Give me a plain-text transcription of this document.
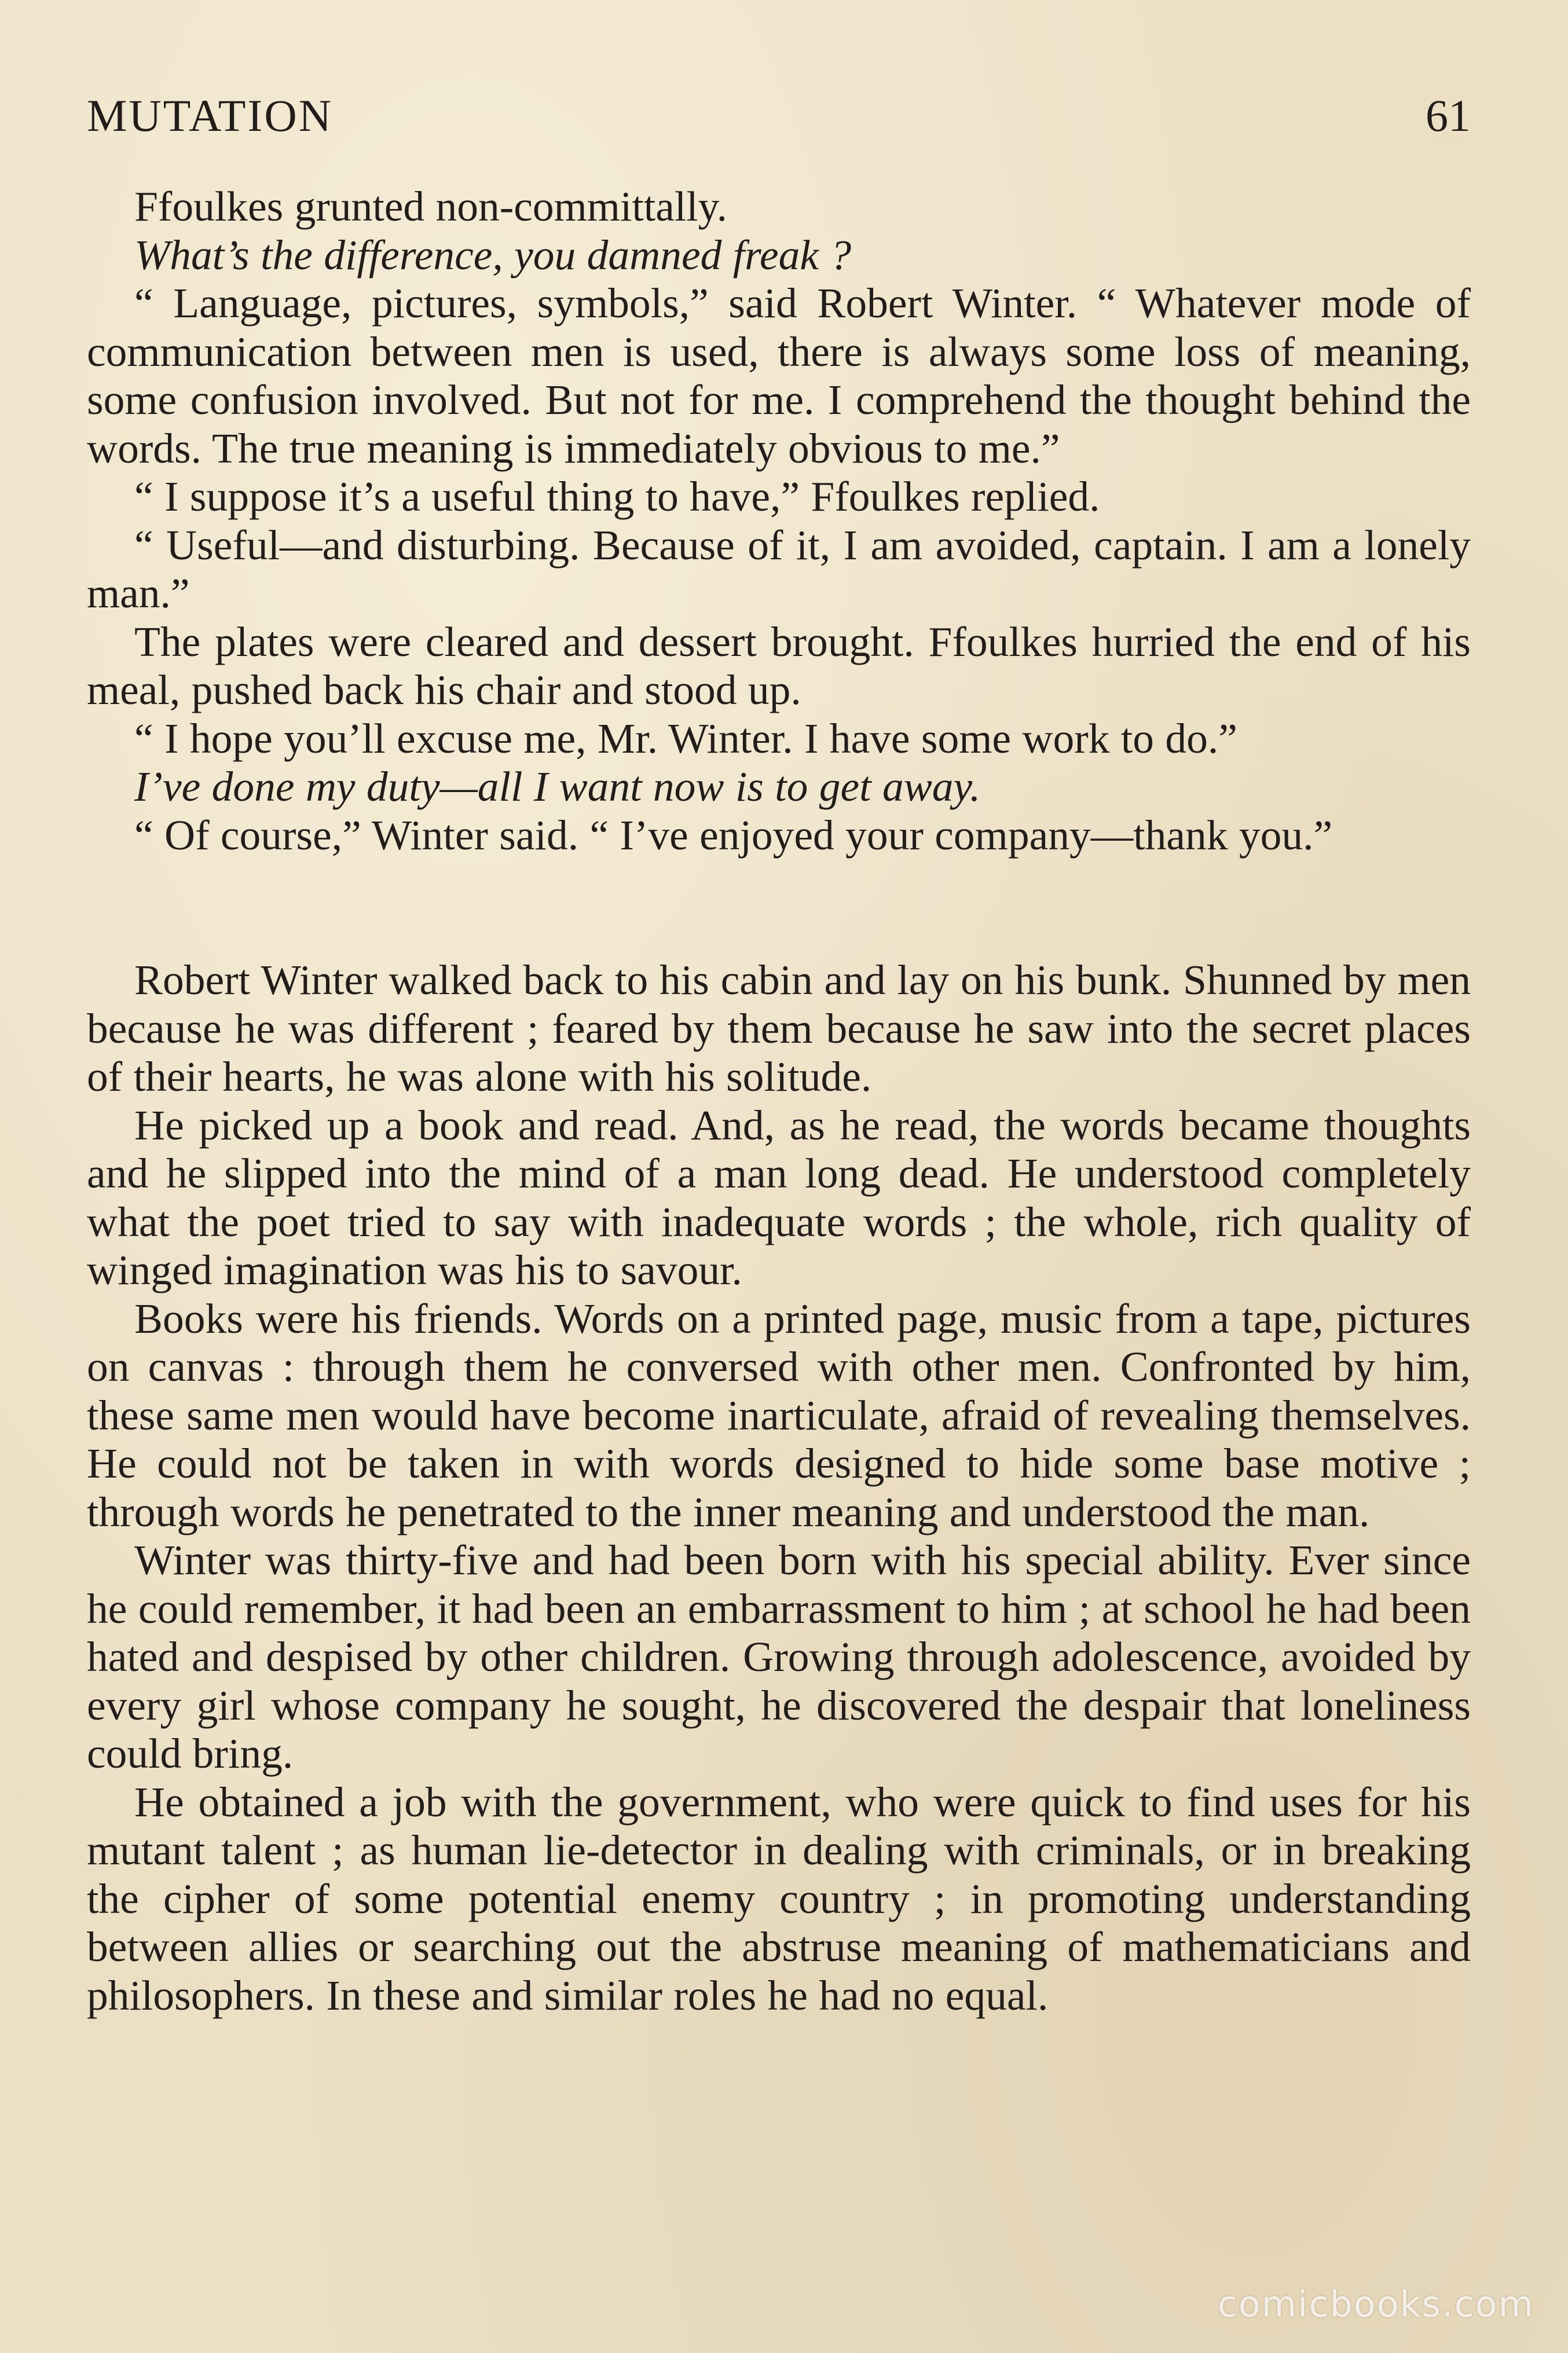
MUTATION	61

Ffoulkes grunted non-committally.

What’s the difference, you damned freak ?

“ Language, pictures, symbols,” said Robert Winter. “ Whatever mode of communication between men is used, there is always some loss of meaning, some confusion involved. But not for me. I comprehend the thought behind the words. The true meaning is immediately obvious to me.”

“ I suppose it’s a useful thing to have,” Ffoulkes replied.

“ Useful—and disturbing. Because of it, I am avoided, captain. I am a lonely man.”

The plates were cleared and dessert brought. Ffoulkes hurried the end of his meal, pushed back his chair and stood up.

“ I hope you’ll excuse me, Mr. Winter. I have some work to do.”

I’ve done my duty—all I want now is to get away.

“ Of course,” Winter said. “ I’ve enjoyed your company—thank you.”

Robert Winter walked back to his cabin and lay on his bunk. Shunned by men because he was different ; feared by them because he saw into the secret places of their hearts, he was alone with his solitude.

He picked up a book and read. And, as he read, the words became thoughts and he slipped into the mind of a man long dead. He understood completely what the poet tried to say with inadequate words ; the whole, rich quality of winged imagination was his to savour.

Books were his friends. Words on a printed page, music from a tape, pictures on canvas : through them he conversed with other men. Confronted by him, these same men would have become inarticulate, afraid of revealing themselves. He could not be taken in with words designed to hide some base motive ; through words he penetrated to the inner meaning and understood the man.

Winter was thirty-five and had been born with his special ability. Ever since he could remember, it had been an embarrassment to him ; at school he had been hated and despised by other children. Growing through adolescence, avoided by every girl whose company he sought, he discovered the despair that loneliness could bring.

He obtained a job with the government, who were quick to find uses for his mutant talent ; as human lie-detector in dealing with criminals, or in breaking the cipher of some potential enemy country ; in promoting understanding between allies or searching out the abstruse meaning of mathematicians and philosophers. In these and similar roles he had no equal.

comicbooks.com
